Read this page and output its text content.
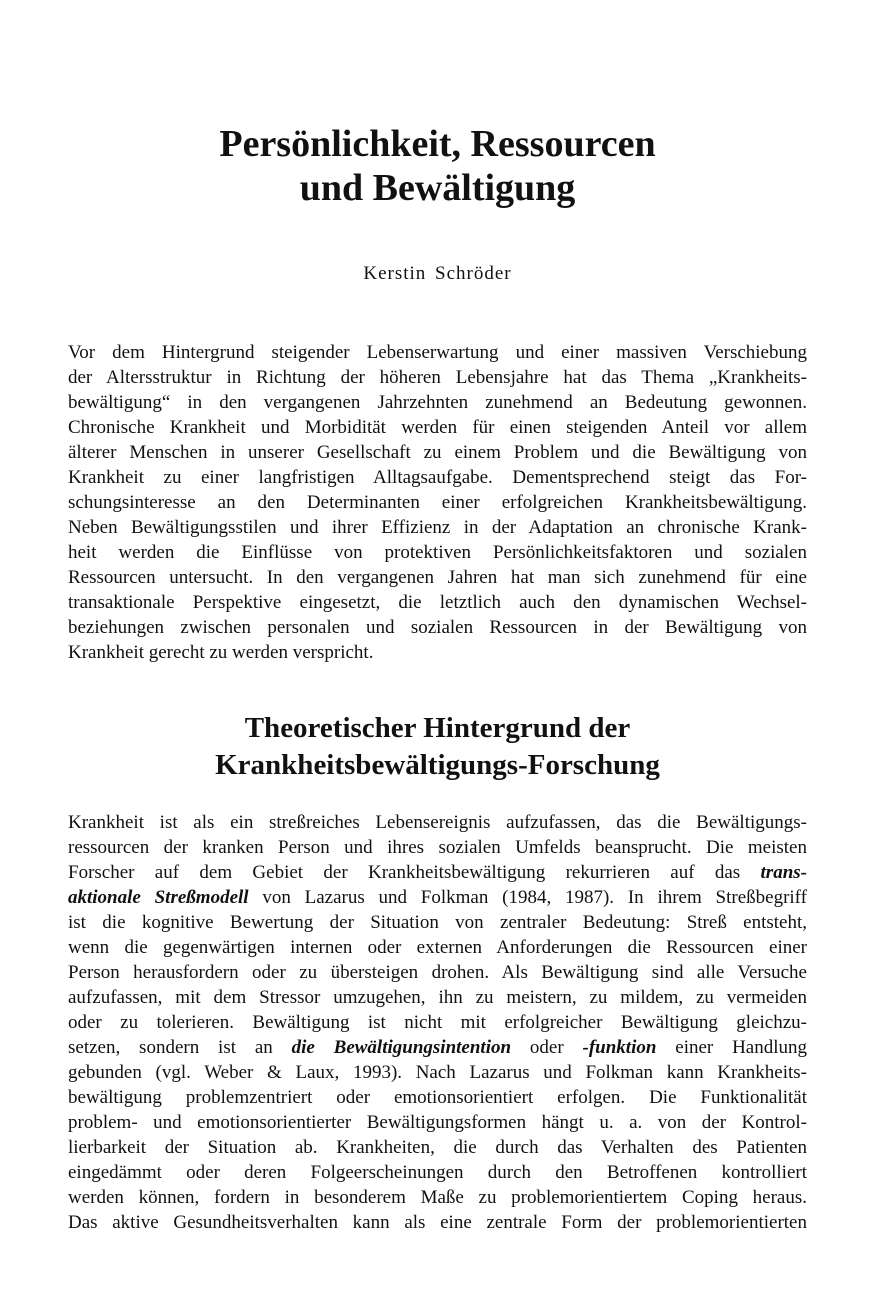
Persönlichkeit, Ressourcen
und Bewältigung

Kerstin Schröder

Vor dem Hintergrund steigender Lebenserwartung und einer massiven Verschiebung
der Altersstruktur in Richtung der höheren Lebensjahre hat das Thema „Krankheits-
bewältigung“ in den vergangenen Jahrzehnten zunehmend an Bedeutung gewonnen.
Chronische Krankheit und Morbidität werden für einen steigenden Anteil vor allem
älterer Menschen in unserer Gesellschaft zu einem Problem und die Bewältigung von
Krankheit zu einer langfristigen Alltagsaufgabe. Dementsprechend steigt das For-
schungsinteresse an den Determinanten einer erfolgreichen Krankheitsbewältigung.
Neben Bewältigungsstilen und ihrer Effizienz in der Adaptation an chronische Krank-
heit werden die Einflüsse von protektiven Persönlichkeitsfaktoren und sozialen
Ressourcen untersucht. In den vergangenen Jahren hat man sich zunehmend für eine
transaktionale Perspektive eingesetzt, die letztlich auch den dynamischen Wechsel-
beziehungen zwischen personalen und sozialen Ressourcen in der Bewältigung von
Krankheit gerecht zu werden verspricht.
Theoretischer Hintergrund der
Krankheitsbewältigungs-Forschung
Krankheit ist als ein streßreiches Lebensereignis aufzufassen, das die Bewältigungs-
ressourcen der kranken Person und ihres sozialen Umfelds beansprucht. Die meisten
Forscher auf dem Gebiet der Krankheitsbewältigung rekurrieren auf das trans-
aktionale Streßmodell von Lazarus und Folkman (1984, 1987). In ihrem Streßbegriff
ist die kognitive Bewertung der Situation von zentraler Bedeutung: Streß entsteht,
wenn die gegenwärtigen internen oder externen Anforderungen die Ressourcen einer
Person herausfordern oder zu übersteigen drohen. Als Bewältigung sind alle Versuche
aufzufassen, mit dem Stressor umzugehen, ihn zu meistern, zu mildem, zu vermeiden
oder zu tolerieren. Bewältigung ist nicht mit erfolgreicher Bewältigung gleichzu-
setzen, sondern ist an die Bewältigungsintention oder -funktion einer Handlung
gebunden (vgl. Weber & Laux, 1993). Nach Lazarus und Folkman kann Krankheits-
bewältigung problemzentriert oder emotionsorientiert erfolgen. Die Funktionalität
problem- und emotionsorientierter Bewältigungsformen hängt u. a. von der Kontrol-
lierbarkeit der Situation ab. Krankheiten, die durch das Verhalten des Patienten
eingedämmt oder deren Folgeerscheinungen durch den Betroffenen kontrolliert
werden können, fordern in besonderem Maße zu problemorientiertem Coping heraus.
Das aktive Gesundheitsverhalten kann als eine zentrale Form der problemorientierten
